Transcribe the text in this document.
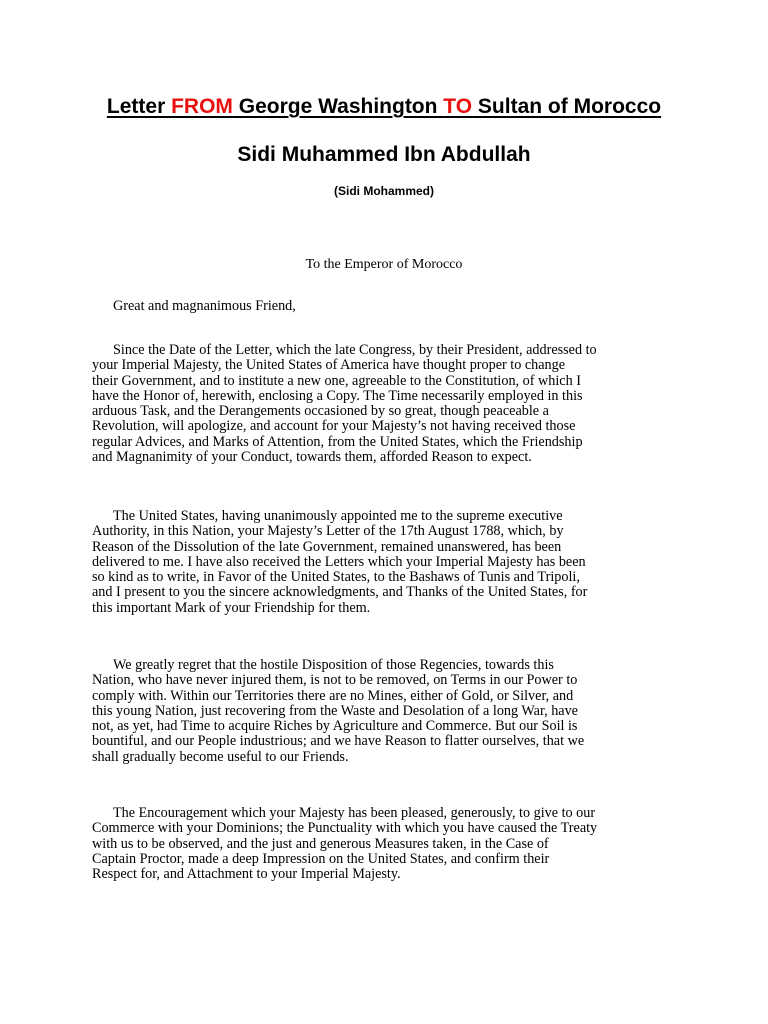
Letter FROM George Washington TO Sultan of Morocco
Sidi Muhammed Ibn Abdullah
(Sidi Mohammed)
To the Emperor of Morocco
Great and magnanimous Friend,
Since the Date of the Letter, which the late Congress, by their President, addressed to
your Imperial Majesty, the United States of America have thought proper to change
their Government, and to institute a new one, agreeable to the Constitution, of which I
have the Honor of, herewith, enclosing a Copy. The Time necessarily employed in this
arduous Task, and the Derangements occasioned by so great, though peaceable a
Revolution, will apologize, and account for your Majesty’s not having received those
regular Advices, and Marks of Attention, from the United States, which the Friendship
and Magnanimity of your Conduct, towards them, afforded Reason to expect.
The United States, having unanimously appointed me to the supreme executive
Authority, in this Nation, your Majesty’s Letter of the 17th August 1788, which, by
Reason of the Dissolution of the late Government, remained unanswered, has been
delivered to me. I have also received the Letters which your Imperial Majesty has been
so kind as to write, in Favor of the United States, to the Bashaws of Tunis and Tripoli,
and I present to you the sincere acknowledgments, and Thanks of the United States, for
this important Mark of your Friendship for them.
We greatly regret that the hostile Disposition of those Regencies, towards this
Nation, who have never injured them, is not to be removed, on Terms in our Power to
comply with. Within our Territories there are no Mines, either of Gold, or Silver, and
this young Nation, just recovering from the Waste and Desolation of a long War, have
not, as yet, had Time to acquire Riches by Agriculture and Commerce. But our Soil is
bountiful, and our People industrious; and we have Reason to flatter ourselves, that we
shall gradually become useful to our Friends.
The Encouragement which your Majesty has been pleased, generously, to give to our
Commerce with your Dominions; the Punctuality with which you have caused the Treaty
with us to be observed, and the just and generous Measures taken, in the Case of
Captain Proctor, made a deep Impression on the United States, and confirm their
Respect for, and Attachment to your Imperial Majesty.
